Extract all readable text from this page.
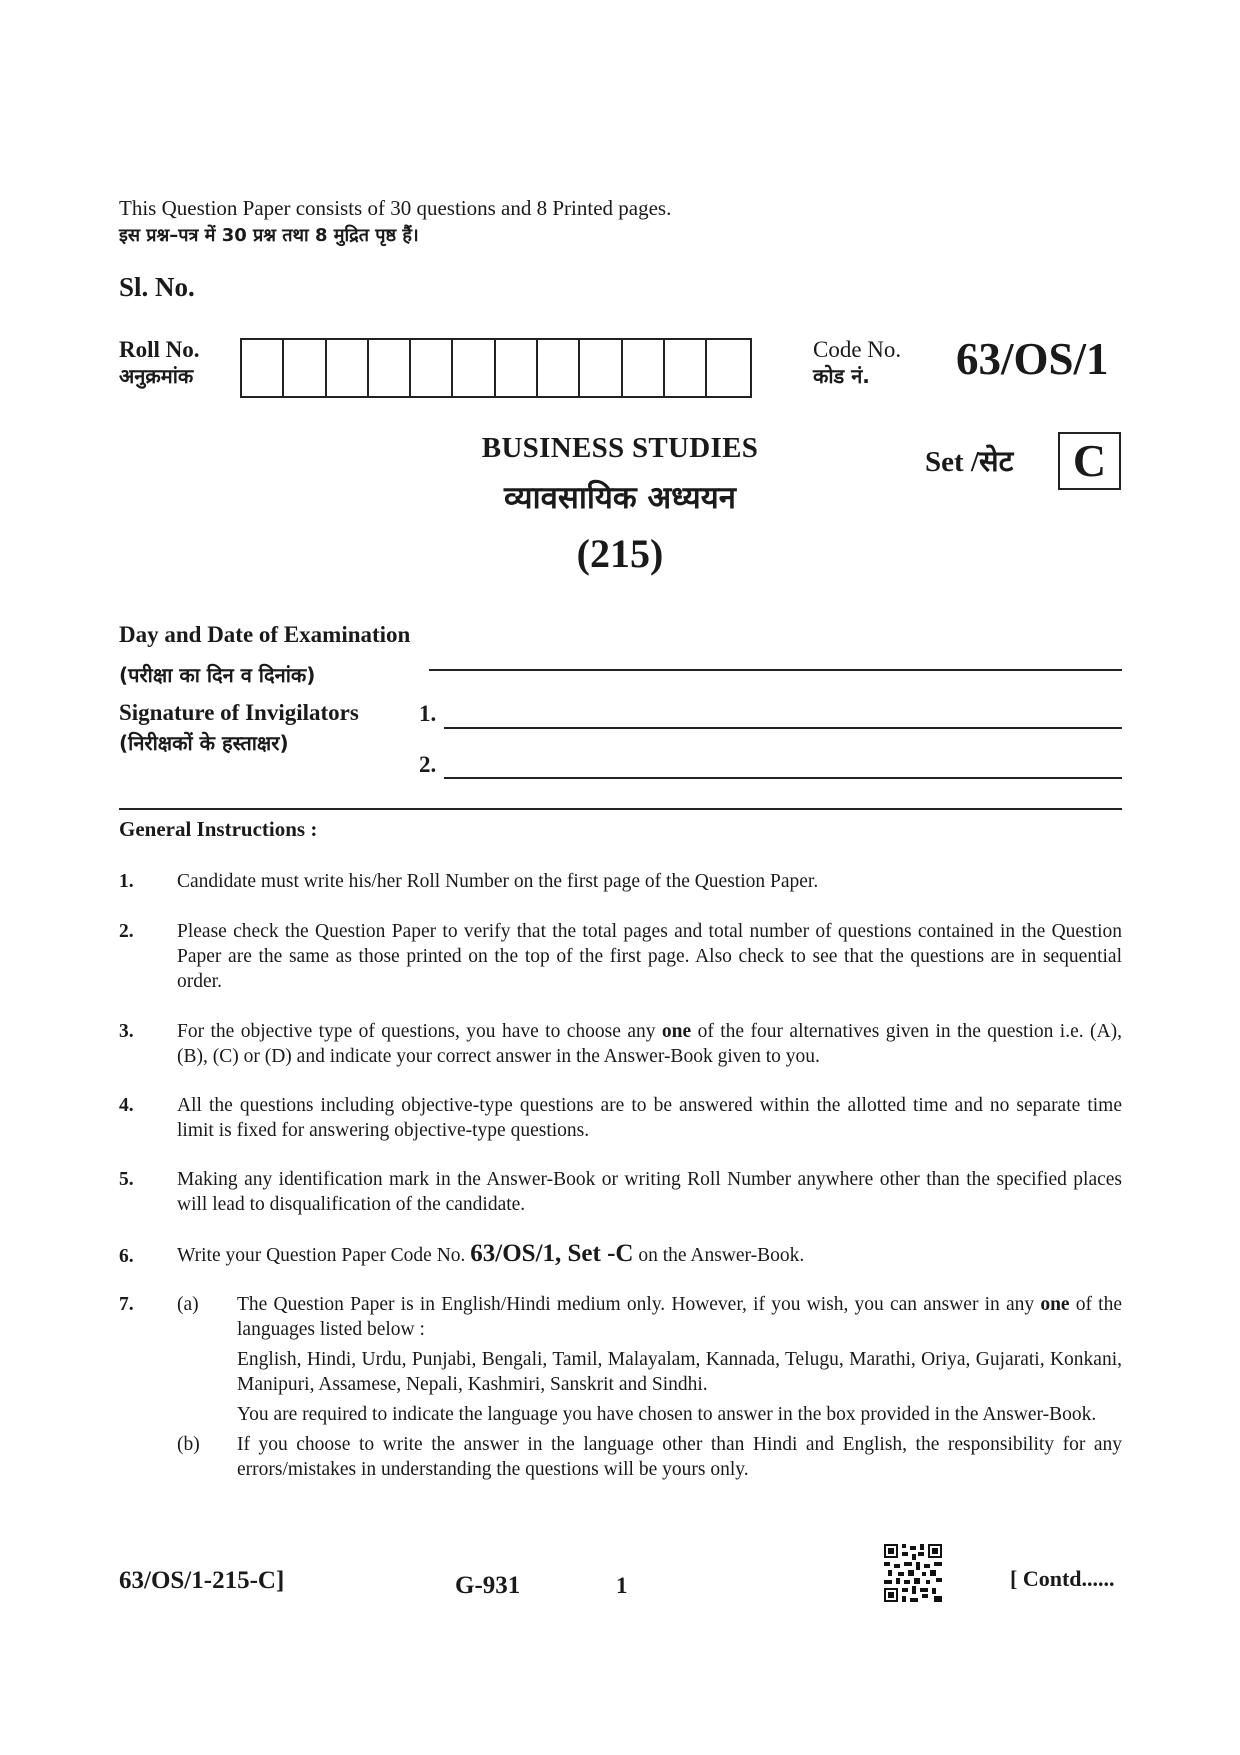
This Question Paper consists of 30 questions and 8 Printed pages.
इस प्रश्न–पत्र में 30 प्रश्न तथा 8 मुद्रित पृष्ठ हैं।
Sl. No.
Roll No.
अनुक्रमांक
Code No.
कोड नं.	63/OS/1
BUSINESS STUDIES
व्यावसायिक अध्ययन
(215)
Set /सेट	C
Day and Date of Examination
(परीक्षा का दिन व दिनांक)
Signature of Invigilators
(निरीक्षकों के हस्ताक्षर)
1.
2.
General Instructions :
1. Candidate must write his/her Roll Number on the first page of the Question Paper.
2. Please check the Question Paper to verify that the total pages and total number of questions contained in the Question Paper are the same as those printed on the top of the first page. Also check to see that the questions are in sequential order.
3. For the objective type of questions, you have to choose any one of the four alternatives given in the question i.e. (A), (B), (C) or (D) and indicate your correct answer in the Answer-Book given to you.
4. All the questions including objective-type questions are to be answered within the allotted time and no separate time limit is fixed for answering objective-type questions.
5. Making any identification mark in the Answer-Book or writing Roll Number anywhere other than the specified places will lead to disqualification of the candidate.
6. Write your Question Paper Code No. 63/OS/1, Set -C on the Answer-Book.
7. (a) The Question Paper is in English/Hindi medium only. However, if you wish, you can answer in any one of the languages listed below :
English, Hindi, Urdu, Punjabi, Bengali, Tamil, Malayalam, Kannada, Telugu, Marathi, Oriya, Gujarati, Konkani, Manipuri, Assamese, Nepali, Kashmiri, Sanskrit and Sindhi.
You are required to indicate the language you have chosen to answer in the box provided in the Answer-Book.
(b) If you choose to write the answer in the language other than Hindi and English, the responsibility for any errors/mistakes in understanding the questions will be yours only.
63/OS/1-215-C]	G-931	1	[ Contd......
